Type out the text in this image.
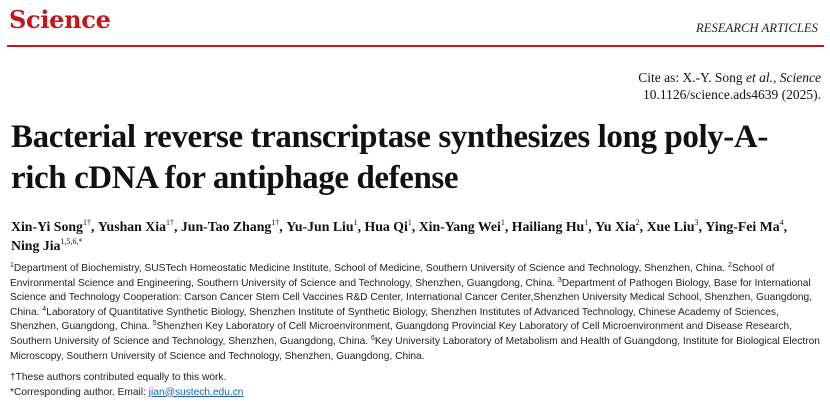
Science	RESEARCH ARTICLES
Cite as: X.-Y. Song et al., Science
10.1126/science.ads4639 (2025).
Bacterial reverse transcriptase synthesizes long poly-A-rich cDNA for antiphage defense

Xin-Yi Song$^{1\dagger}$, Yushan Xia$^{1\dagger}$, Jun-Tao Zhang$^{1\dagger}$, Yu-Jun Liu$^1$, Hua Qi$^1$, Xin-Yang Wei$^1$, Hailiang Hu$^1$, Yu Xia$^2$, Xue Liu$^3$, Ying-Fei Ma$^4$, Ning Jia$^{1,5,6,*}$

$^1$Department of Biochemistry, SUSTech Homeostatic Medicine Institute, School of Medicine, Southern University of Science and Technology, Shenzhen, China. $^2$School of Environmental Science and Engineering, Southern University of Science and Technology, Shenzhen, Guangdong, China. $^3$Department of Pathogen Biology, Base for International Science and Technology Cooperation: Carson Cancer Stem Cell Vaccines R&D Center, International Cancer Center,Shenzhen University Medical School, Shenzhen, Guangdong, China. $^4$Laboratory of Quantitative Synthetic Biology, Shenzhen Institute of Synthetic Biology, Shenzhen Institutes of Advanced Technology, Chinese Academy of Sciences, Shenzhen, Guangdong, China. $^5$Shenzhen Key Laboratory of Cell Microenvironment, Guangdong Provincial Key Laboratory of Cell Microenvironment and Disease Research, Southern University of Science and Technology, Shenzhen, Guangdong, China. $^6$Key University Laboratory of Metabolism and Health of Guangdong, Institute for Biological Electron Microscopy, Southern University of Science and Technology, Shenzhen, Guangdong, China.

†These authors contributed equally to this work.
*Corresponding author. Email: jian@sustech.edu.cn
